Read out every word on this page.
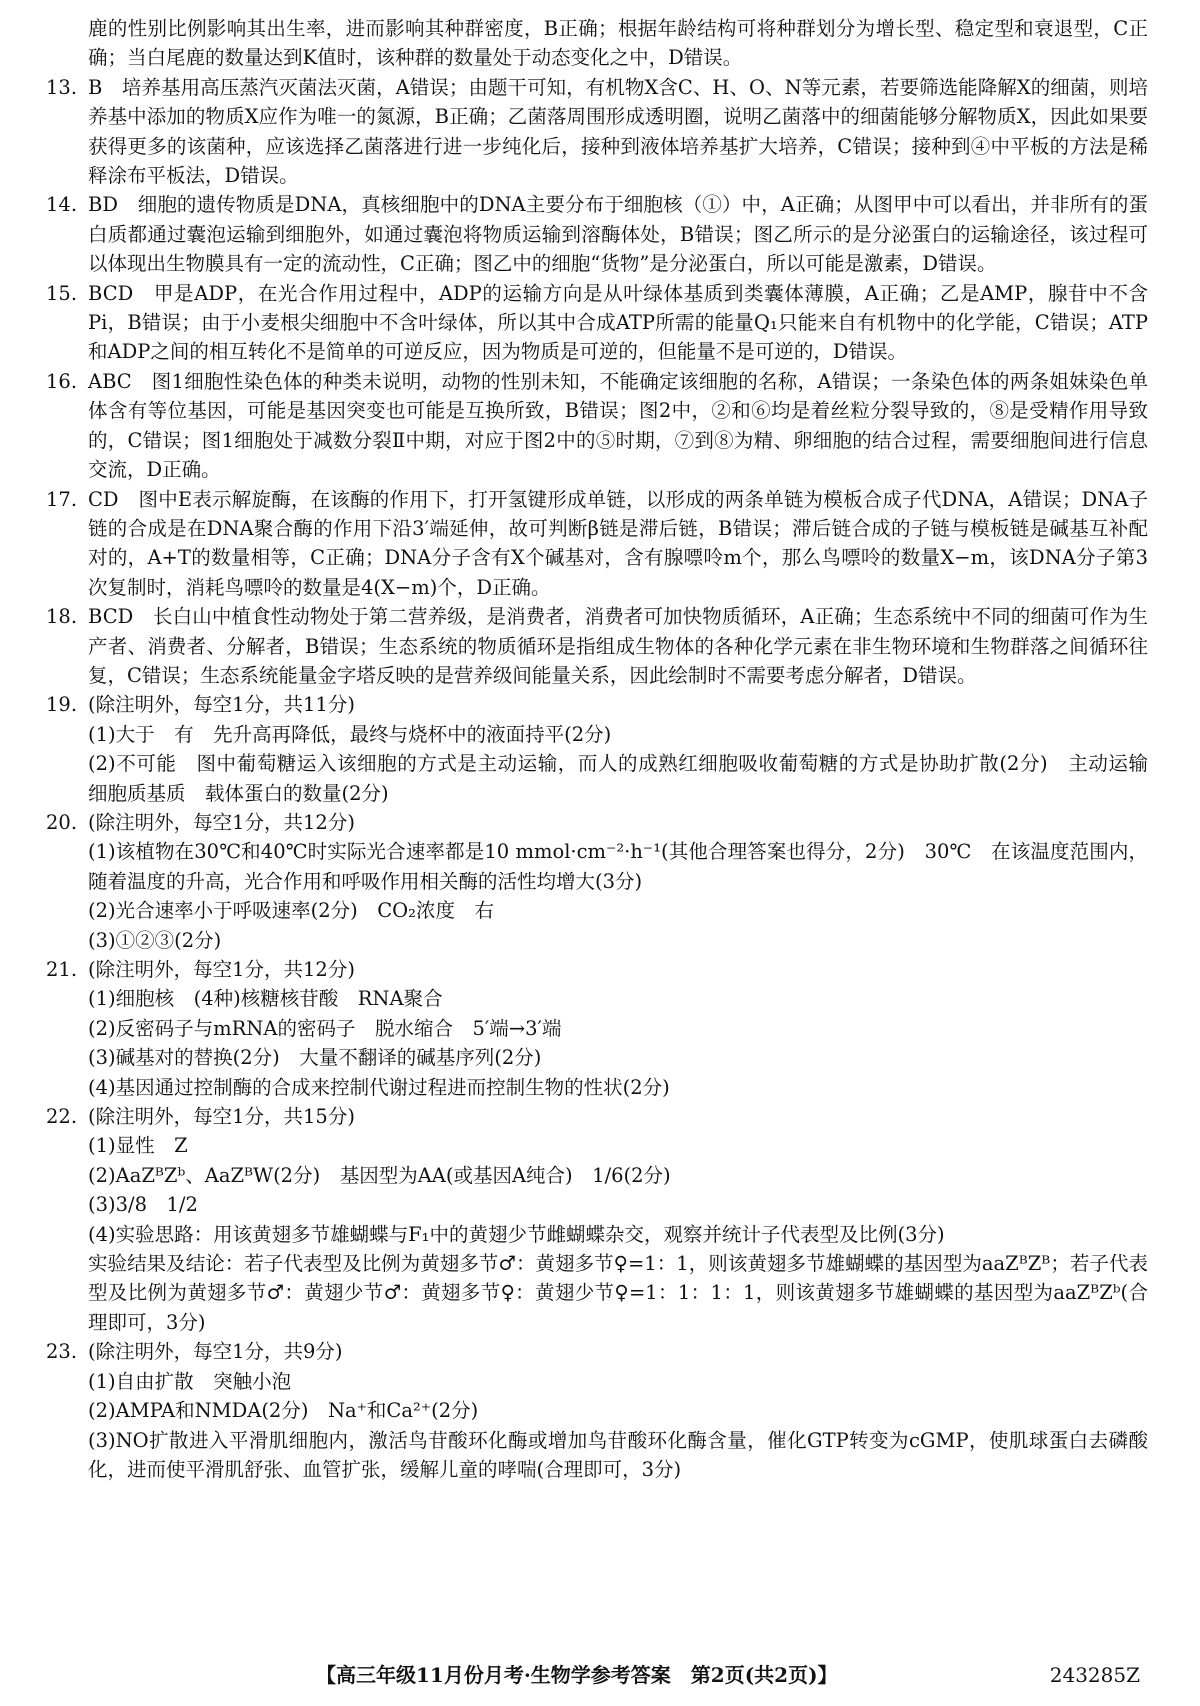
鹿的性别比例影响其出生率，进而影响其种群密度，B正确；根据年龄结构可将种群划分为增长型、稳定型和衰退型，C正确；当白尾鹿的数量达到K值时，该种群的数量处于动态变化之中，D错误。

13. B　培养基用高压蒸汽灭菌法灭菌，A错误；由题干可知，有机物X含C、H、O、N等元素，若要筛选能降解X的细菌，则培养基中添加的物质X应作为唯一的氮源，B正确；乙菌落周围形成透明圈，说明乙菌落中的细菌能够分解物质X，因此如果要获得更多的该菌种，应该选择乙菌落进行进一步纯化后，接种到液体培养基扩大培养，C错误；接种到④中平板的方法是稀释涂布平板法，D错误。

14. BD　细胞的遗传物质是DNA，真核细胞中的DNA主要分布于细胞核（①）中，A正确；从图甲中可以看出，并非所有的蛋白质都通过囊泡运输到细胞外，如通过囊泡将物质运输到溶酶体处，B错误；图乙所示的是分泌蛋白的运输途径，该过程可以体现出生物膜具有一定的流动性，C正确；图乙中的细胞“货物”是分泌蛋白，所以可能是激素，D错误。

15. BCD　甲是ADP，在光合作用过程中，ADP的运输方向是从叶绿体基质到类囊体薄膜，A正确；乙是AMP，腺苷中不含Pi，B错误；由于小麦根尖细胞中不含叶绿体，所以其中合成ATP所需的能量Q₁只能来自有机物中的化学能，C错误；ATP和ADP之间的相互转化不是简单的可逆反应，因为物质是可逆的，但能量不是可逆的，D错误。

16. ABC　图1细胞性染色体的种类未说明，动物的性别未知，不能确定该细胞的名称，A错误；一条染色体的两条姐妹染色单体含有等位基因，可能是基因突变也可能是互换所致，B错误；图2中，②和⑥均是着丝粒分裂导致的，⑧是受精作用导致的，C错误；图1细胞处于减数分裂Ⅱ中期，对应于图2中的⑤时期，⑦到⑧为精、卵细胞的结合过程，需要细胞间进行信息交流，D正确。

17. CD　图中E表示解旋酶，在该酶的作用下，打开氢键形成单链，以形成的两条单链为模板合成子代DNA，A错误；DNA子链的合成是在DNA聚合酶的作用下沿3′端延伸，故可判断β链是滞后链，B错误；滞后链合成的子链与模板链是碱基互补配对的，A+T的数量相等，C正确；DNA分子含有X个碱基对，含有腺嘌呤m个，那么鸟嘌呤的数量X−m，该DNA分子第3次复制时，消耗鸟嘌呤的数量是4(X−m)个，D正确。

18. BCD　长白山中植食性动物处于第二营养级，是消费者，消费者可加快物质循环，A正确；生态系统中不同的细菌可作为生产者、消费者、分解者，B错误；生态系统的物质循环是指组成生物体的各种化学元素在非生物环境和生物群落之间循环往复，C错误；生态系统能量金字塔反映的是营养级间能量关系，因此绘制时不需要考虑分解者，D错误。

19. (除注明外，每空1分，共11分)

(1)大于　有　先升高再降低，最终与烧杯中的液面持平(2分)

(2)不可能　图中葡萄糖运入该细胞的方式是主动运输，而人的成熟红细胞吸收葡萄糖的方式是协助扩散(2分)　主动运输　细胞质基质　载体蛋白的数量(2分)

20. (除注明外，每空1分，共12分)

(1)该植物在30℃和40℃时实际光合速率都是10 mmol·cm⁻²·h⁻¹(其他合理答案也得分，2分)　30℃　在该温度范围内，随着温度的升高，光合作用和呼吸作用相关酶的活性均增大(3分)

(2)光合速率小于呼吸速率(2分)　CO₂浓度　右

(3)①②③(2分)

21. (除注明外，每空1分，共12分)

(1)细胞核　(4种)核糖核苷酸　RNA聚合

(2)反密码子与mRNA的密码子　脱水缩合　5′端→3′端

(3)碱基对的替换(2分)　大量不翻译的碱基序列(2分)

(4)基因通过控制酶的合成来控制代谢过程进而控制生物的性状(2分)

22. (除注明外，每空1分，共15分)

(1)显性　Z

(2)AaZᴮZᵇ、AaZᴮW(2分)　基因型为AA(或基因A纯合)　1/6(2分)

(3)3/8　1/2

(4)实验思路：用该黄翅多节雄蝴蝶与F₁中的黄翅少节雌蝴蝶杂交，观察并统计子代表型及比例(3分)

实验结果及结论：若子代表型及比例为黄翅多节♂：黄翅多节♀=1：1，则该黄翅多节雄蝴蝶的基因型为aaZᴮZᴮ；若子代表型及比例为黄翅多节♂：黄翅少节♂：黄翅多节♀：黄翅少节♀=1：1：1：1，则该黄翅多节雄蝴蝶的基因型为aaZᴮZᵇ(合理即可，3分)

23. (除注明外，每空1分，共9分)

(1)自由扩散　突触小泡

(2)AMPA和NMDA(2分)　Na⁺和Ca²⁺(2分)

(3)NO扩散进入平滑肌细胞内，激活鸟苷酸环化酶或增加鸟苷酸环化酶含量，催化GTP转变为cGMP，使肌球蛋白去磷酸化，进而使平滑肌舒张、血管扩张，缓解儿童的哮喘(合理即可，3分)

【高三年级11月份月考·生物学参考答案　第2页(共2页)】	243285Z
